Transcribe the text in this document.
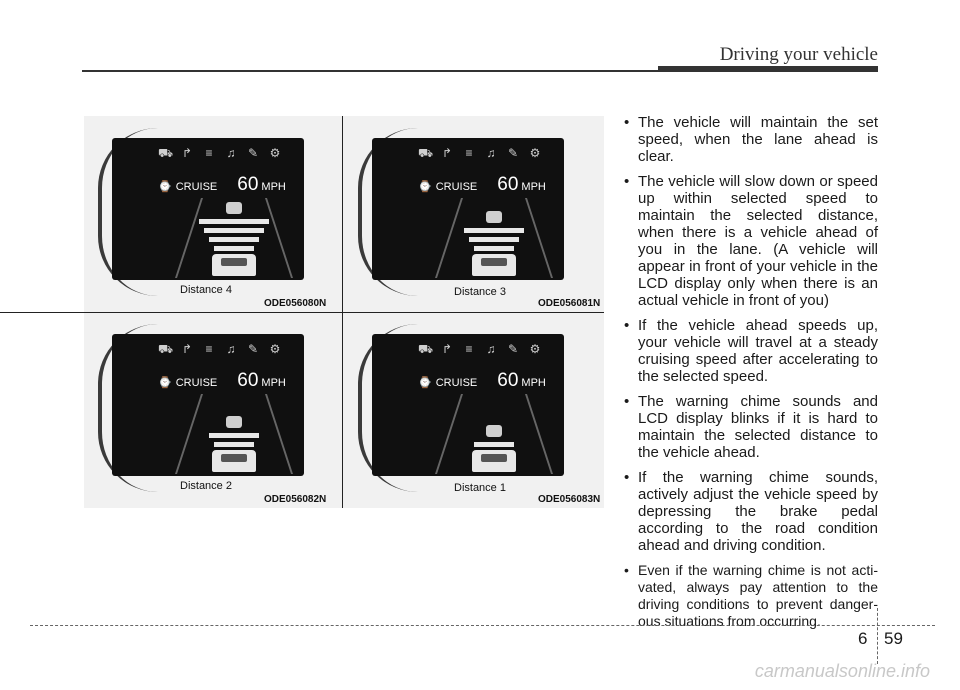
Driving your vehicle
⛟ ↱ ≡ ♫ ✎ ⚙
⌚ CRUISE 60 MPH
Distance 4
ODE056080N
⛟ ↱ ≡ ♫ ✎ ⚙
⌚ CRUISE 60 MPH
Distance 3
ODE056081N
⛟ ↱ ≡ ♫ ✎ ⚙
⌚ CRUISE 60 MPH
Distance 2
ODE056082N
⛟ ↱ ≡ ♫ ✎ ⚙
⌚ CRUISE 60 MPH
Distance 1
ODE056083N

• The vehicle will maintain the set speed, when the lane ahead is clear.

• The vehicle will slow down or speed up within selected speed to maintain the selected distance, when there is a vehicle ahead of you in the lane. (A vehicle will appear in front of your vehicle in the LCD display only when there is an actual vehicle in front of you)

• If the vehicle ahead speeds up, your vehicle will travel at a steady cruising speed after accelerating to the selected speed.

• The warning chime sounds and LCD display blinks if it is hard to maintain the selected distance to the vehicle ahead.

• If the warning chime sounds, actively adjust the vehicle speed by depressing the brake pedal according to the road condition ahead and driving condition.

• Even if the warning chime is not acti-vated, always pay attention to the driving conditions to prevent danger-ous situations from occurring.

6 59
carmanualsonline.info
